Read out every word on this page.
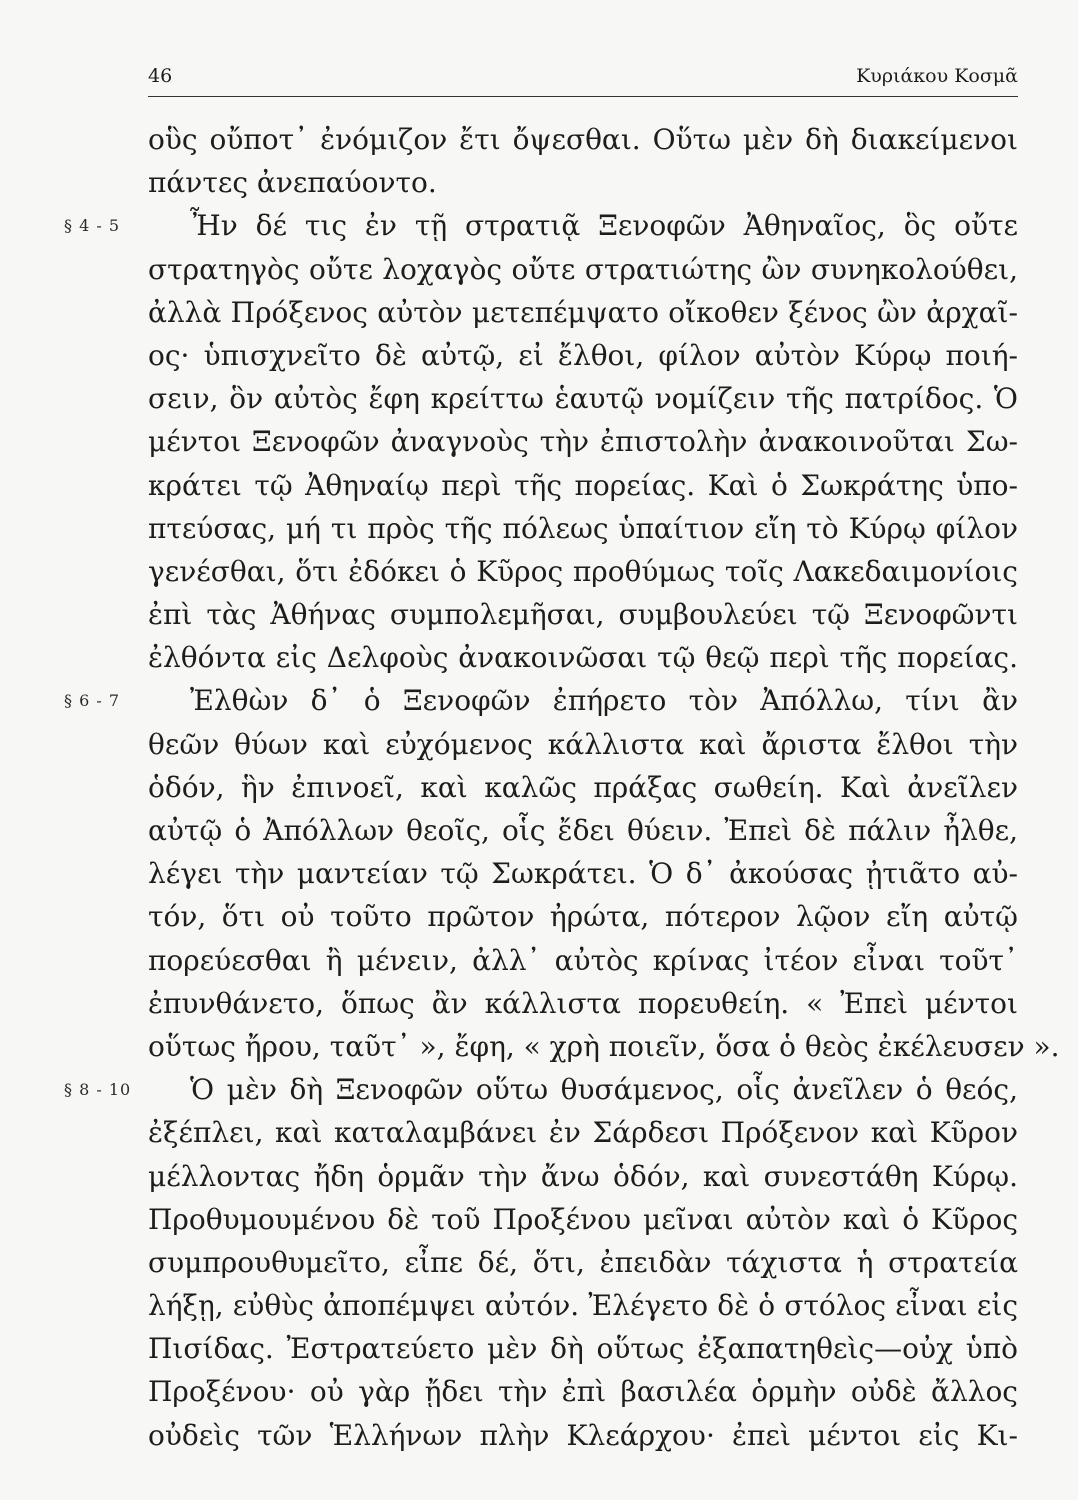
46	Κυριάκου Κοσμᾶ
οὓς οὔποτ᾽ ἐνόμιζον ἔτι ὄψεσθαι. Οὕτω μὲν δὴ διακείμενοι
πάντες ἀνεπαύοντο.
§ 4 - 5 Ἦν δέ τις ἐν τῇ στρατιᾷ Ξενοφῶν Ἀθηναῖος, ὃς οὔτε
στρατηγὸς οὔτε λοχαγὸς οὔτε στρατιώτης ὢν συνηκολούθει,
ἀλλὰ Πρόξενος αὐτὸν μετεπέμψατο οἴκοθεν ξένος ὢν ἀρχαῖ-
ος· ὑπισχνεῖτο δὲ αὐτῷ, εἰ ἔλθοι, φίλον αὐτὸν Κύρῳ ποιή-
σειν, ὃν αὐτὸς ἔφη κρείττω ἑαυτῷ νομίζειν τῆς πατρίδος. Ὁ
μέντοι Ξενοφῶν ἀναγνοὺς τὴν ἐπιστολὴν ἀνακοινοῦται Σω-
κράτει τῷ Ἀθηναίῳ περὶ τῆς πορείας. Καὶ ὁ Σωκράτης ὑπο-
πτεύσας, μή τι πρὸς τῆς πόλεως ὑπαίτιον εἴη τὸ Κύρῳ φίλον
γενέσθαι, ὅτι ἐδόκει ὁ Κῦρος προθύμως τοῖς Λακεδαιμονίοις
ἐπὶ τὰς Ἀθήνας συμπολεμῆσαι, συμβουλεύει τῷ Ξενοφῶντι
ἐλθόντα εἰς Δελφοὺς ἀνακοινῶσαι τῷ θεῷ περὶ τῆς πορείας.
§ 6 - 7 Ἐλθὼν δ᾽ ὁ Ξενοφῶν ἐπήρετο τὸν Ἀπόλλω, τίνι ἂν
θεῶν θύων καὶ εὐχόμενος κάλλιστα καὶ ἄριστα ἔλθοι τὴν
ὁδόν, ἣν ἐπινοεῖ, καὶ καλῶς πράξας σωθείη. Καὶ ἀνεῖλεν
αὐτῷ ὁ Ἀπόλλων θεοῖς, οἷς ἔδει θύειν. Ἐπεὶ δὲ πάλιν ἦλθε,
λέγει τὴν μαντείαν τῷ Σωκράτει. Ὁ δ᾽ ἀκούσας ᾐτιᾶτο αὐ-
τόν, ὅτι οὐ τοῦτο πρῶτον ἠρώτα, πότερον λῷον εἴη αὐτῷ
πορεύεσθαι ἢ μένειν, ἀλλ᾽ αὐτὸς κρίνας ἰτέον εἶναι τοῦτ᾽
ἐπυνθάνετο, ὅπως ἂν κάλλιστα πορευθείη. « Ἐπεὶ μέντοι
οὕτως ἤρου, ταῦτ᾽ », ἔφη, « χρὴ ποιεῖν, ὅσα ὁ θεὸς ἐκέλευσεν ».
§ 8 - 10 Ὁ μὲν δὴ Ξενοφῶν οὕτω θυσάμενος, οἷς ἀνεῖλεν ὁ θεός,
ἐξέπλει, καὶ καταλαμβάνει ἐν Σάρδεσι Πρόξενον καὶ Κῦρον
μέλλοντας ἤδη ὁρμᾶν τὴν ἄνω ὁδόν, καὶ συνεστάθη Κύρῳ.
Προθυμουμένου δὲ τοῦ Προξένου μεῖναι αὐτὸν καὶ ὁ Κῦρος
συμπρουθυμεῖτο, εἶπε δέ, ὅτι, ἐπειδὰν τάχιστα ἡ στρατεία
λήξῃ, εὐθὺς ἀποπέμψει αὐτόν. Ἐλέγετο δὲ ὁ στόλος εἶναι εἰς
Πισίδας. Ἐστρατεύετο μὲν δὴ οὕτως ἐξαπατηθεὶς—οὐχ ὑπὸ
Προξένου· οὐ γὰρ ᾔδει τὴν ἐπὶ βασιλέα ὁρμὴν οὐδὲ ἄλλος
οὐδεὶς τῶν Ἑλλήνων πλὴν Κλεάρχου· ἐπεὶ μέντοι εἰς Κι-
